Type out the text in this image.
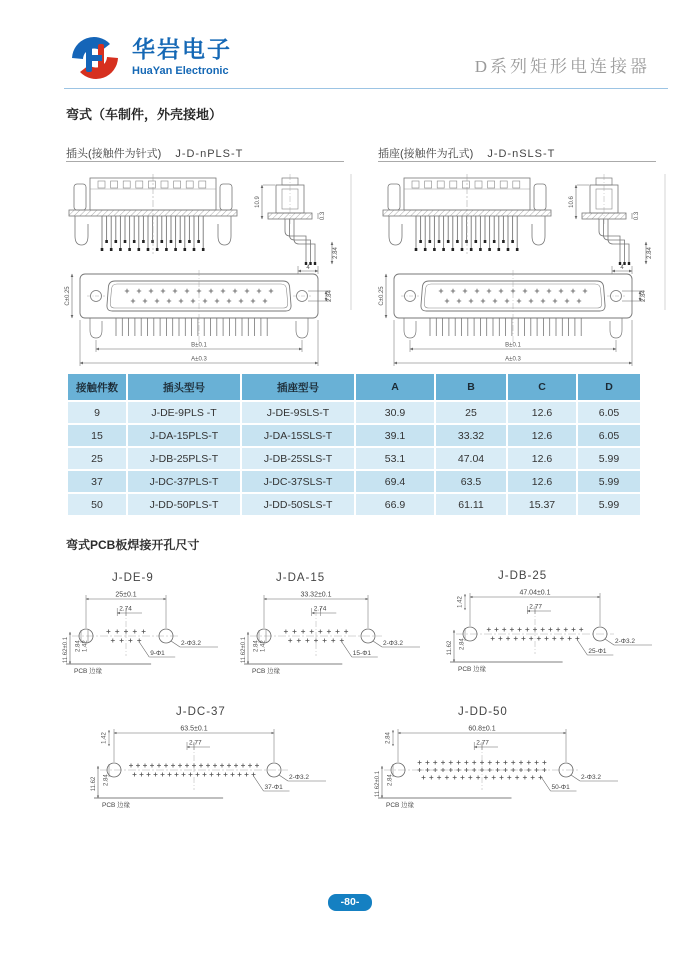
华岩电子
HuaYan Electronic	D系列矩形电连接器
弯式（车制件，外壳接地）
插头(接触件为针式) J-D-nPLS-T	插座(接触件为孔式) J-D-nSLS-T
10.9
0.3
4
2.84
C±0.25	2.84
B±0.1
A±0.3
10.6
0.3
4
2.84
C±0.25	2.84
B±0.1
A±0.3
接触件数	插头型号	插座型号	A	B	C	D
9	J-DE-9PLS -T	J-DE-9SLS-T	30.9	25	12.6	6.05
15	J-DA-15PLS-T	J-DA-15SLS-T	39.1	33.32	12.6	6.05
25	J-DB-25PLS-T	J-DB-25SLS-T	53.1	47.04	12.6	5.99
37	J-DC-37PLS-T	J-DC-37SLS-T	69.4	63.5	12.6	5.99
50	J-DD-50PLS-T	J-DD-50SLS-T	66.9	61.11	15.37	5.99
弯式PCB板焊接开孔尺寸
J-DE-9	J-DA-15	J-DB-25
J-DC-37	J-DD-50
25±0.1
2.74
2-Φ3.2
9-Φ1
11.62±0.1 2.84 1.42
PCB 边缘
33.32±0.1
2.74
2-Φ3.2
15-Φ1
11.62±0.1 2.84 1.42
PCB 边缘
47.04±0.1
2.77
2-Φ3.2
25-Φ1
11.62
1.42
2.84
PCB 边缘
63.5±0.1
2.77
2-Φ3.2
37-Φ1
11.62
1.42
2.84
PCB 边缘
60.8±0.1
2.77
2-Φ3.2
50-Φ1
11.62±0.1
2.84
2.84
PCB 边缘
-80-
